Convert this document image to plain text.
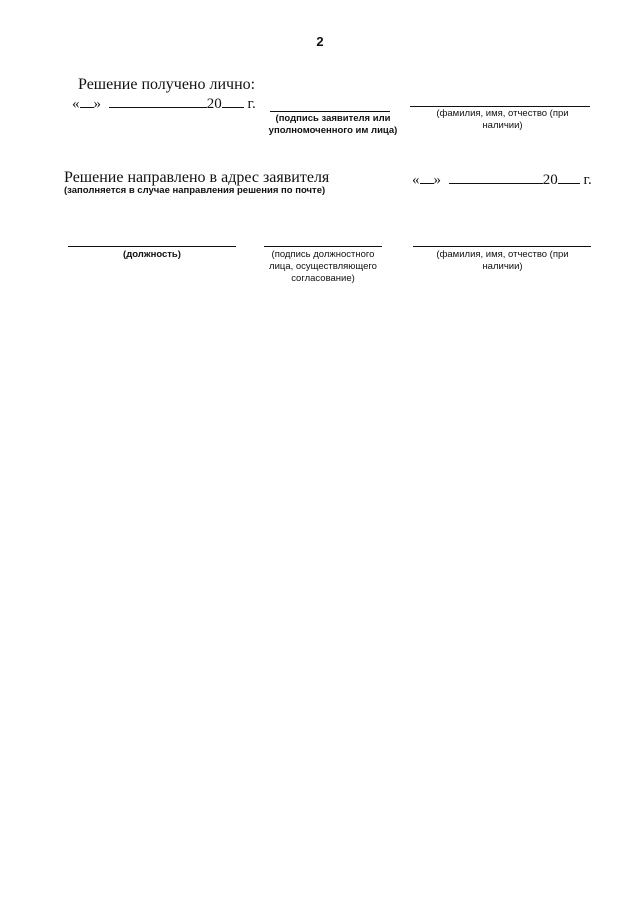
2
Решение получено лично:
« »	20 г.
(подпись заявителя или уполномоченного им лица)
(фамилия, имя, отчество (при наличии)
Решение направлено в адрес заявителя
(заполняется в случае направления решения по почте)
« »	20 г.
(должность)	(подпись должностного лица, осуществляющего согласование)
(фамилия, имя, отчество (при наличии)
